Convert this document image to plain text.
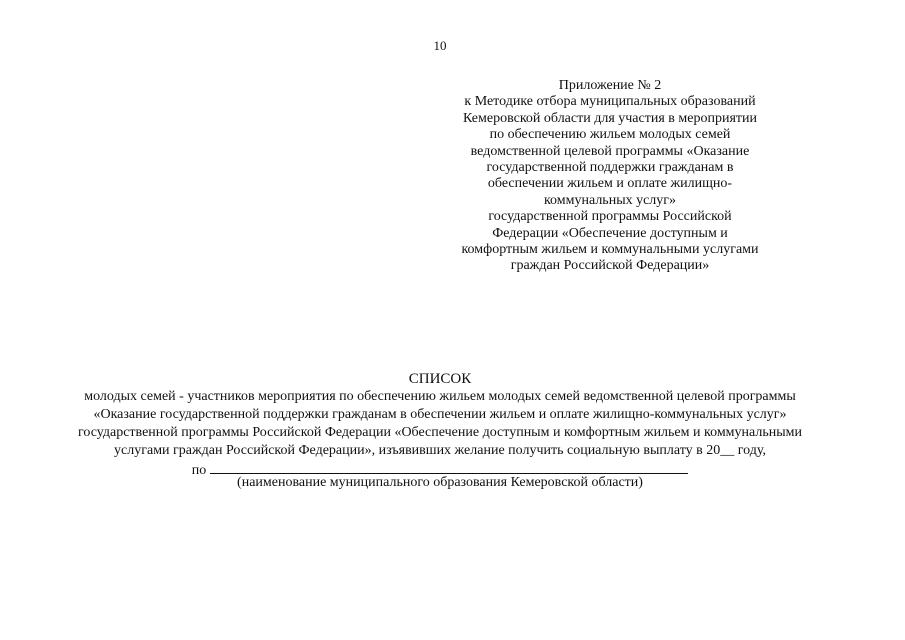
10
Приложение № 2
к Методике отбора муниципальных образований
Кемеровской области для участия в мероприятии
по обеспечению жильем молодых семей
ведомственной целевой программы «Оказание
государственной поддержки гражданам в
обеспечении жильем и оплате жилищно-
коммунальных услуг»
государственной программы Российской
Федерации «Обеспечение доступным и
комфортным жильем и коммунальными услугами
граждан Российской Федерации»
СПИСОК
молодых семей - участников мероприятия по обеспечению жильем молодых семей ведомственной целевой программы
«Оказание государственной поддержки гражданам в обеспечении жильем и оплате жилищно-коммунальных услуг»
государственной программы Российской Федерации «Обеспечение доступным и комфортным жильем и коммунальными
услугами граждан Российской Федерации», изъявивших желание получить социальную выплату в 20__ году,
по
(наименование муниципального образования Кемеровской области)
